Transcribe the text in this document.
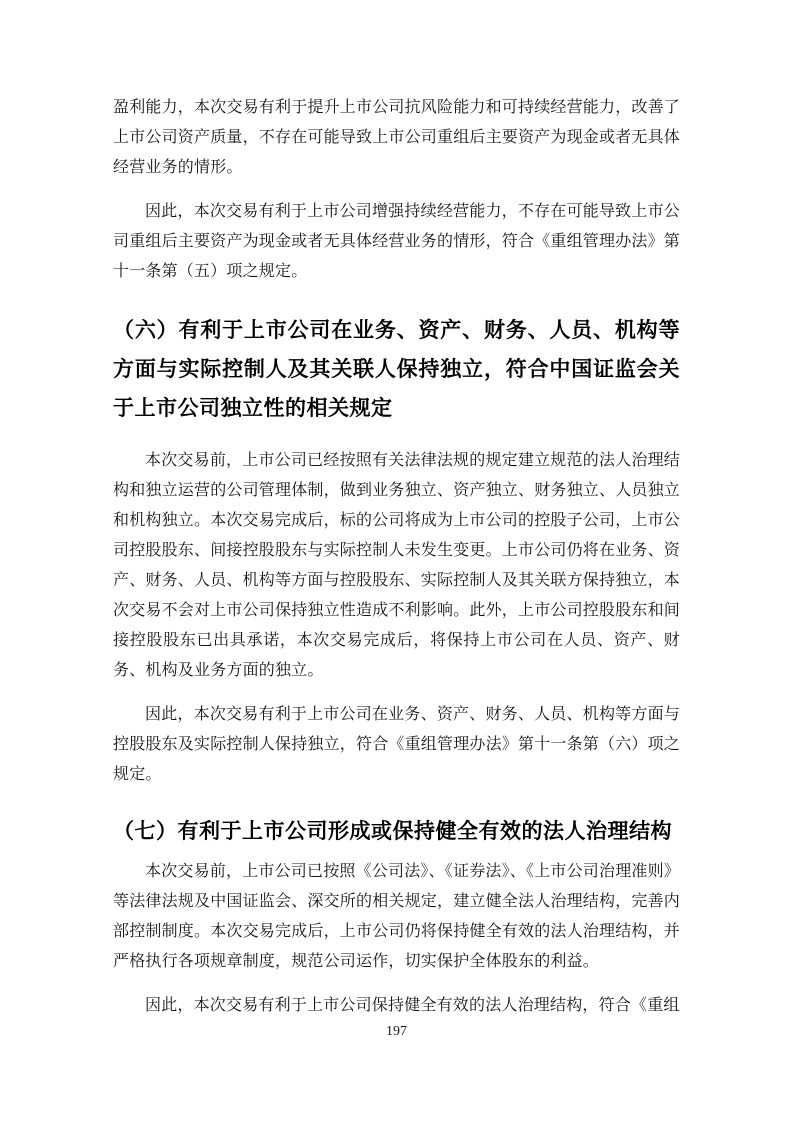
盈利能力，本次交易有利于提升上市公司抗风险能力和可持续经营能力，改善了上市公司资产质量，不存在可能导致上市公司重组后主要资产为现金或者无具体经营业务的情形。

因此，本次交易有利于上市公司增强持续经营能力，不存在可能导致上市公司重组后主要资产为现金或者无具体经营业务的情形，符合《重组管理办法》第十一条第（五）项之规定。

（六）有利于上市公司在业务、资产、财务、人员、机构等方面与实际控制人及其关联人保持独立，符合中国证监会关于上市公司独立性的相关规定

本次交易前，上市公司已经按照有关法律法规的规定建立规范的法人治理结构和独立运营的公司管理体制，做到业务独立、资产独立、财务独立、人员独立和机构独立。本次交易完成后，标的公司将成为上市公司的控股子公司，上市公司控股股东、间接控股股东与实际控制人未发生变更。上市公司仍将在业务、资产、财务、人员、机构等方面与控股股东、实际控制人及其关联方保持独立，本次交易不会对上市公司保持独立性造成不利影响。此外，上市公司控股股东和间接控股股东已出具承诺，本次交易完成后，将保持上市公司在人员、资产、财务、机构及业务方面的独立。

因此，本次交易有利于上市公司在业务、资产、财务、人员、机构等方面与控股股东及实际控制人保持独立，符合《重组管理办法》第十一条第（六）项之规定。

（七）有利于上市公司形成或保持健全有效的法人治理结构

本次交易前，上市公司已按照《公司法》、《证券法》、《上市公司治理准则》等法律法规及中国证监会、深交所的相关规定，建立健全法人治理结构，完善内部控制制度。本次交易完成后，上市公司仍将保持健全有效的法人治理结构，并严格执行各项规章制度，规范公司运作，切实保护全体股东的利益。

因此，本次交易有利于上市公司保持健全有效的法人治理结构，符合《重组

197
